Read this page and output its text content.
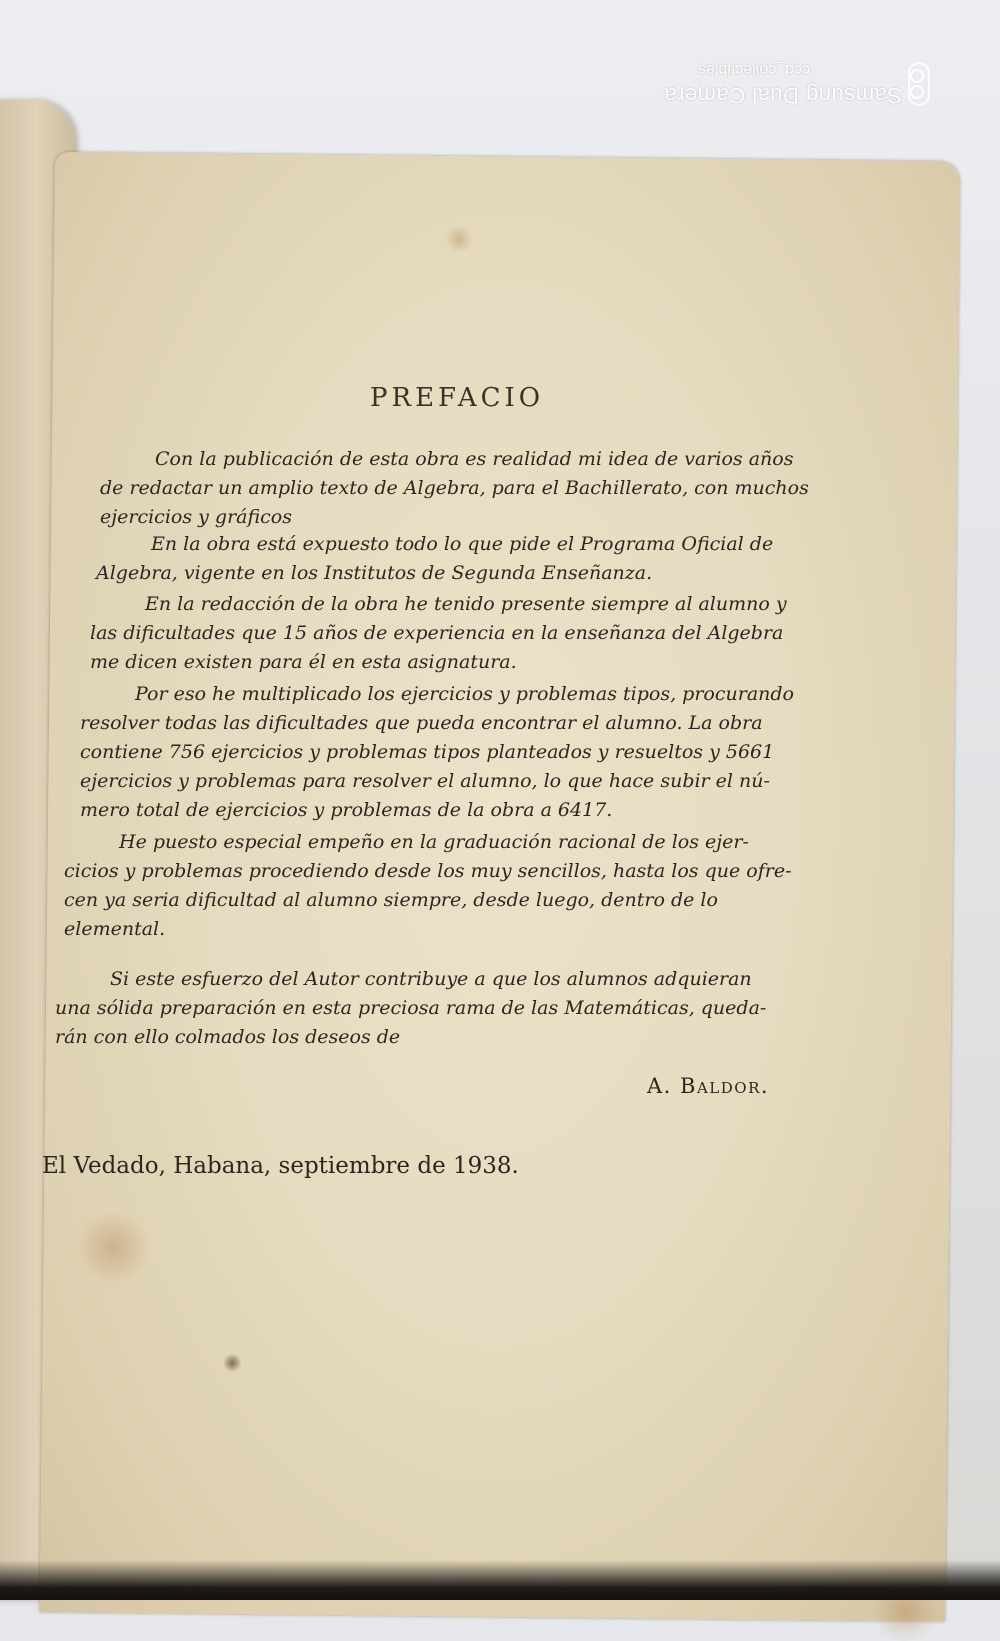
Samsung Dual Camera
ccd_collectibles
PREFACIO
Con la publicación de esta obra es realidad mi idea de varios años
de redactar un amplio texto de Algebra, para el Bachillerato, con muchos
ejercicios y gráficos
En la obra está expuesto todo lo que pide el Programa Oficial de
Algebra, vigente en los Institutos de Segunda Enseñanza.
En la redacción de la obra he tenido presente siempre al alumno y
las dificultades que 15 años de experiencia en la enseñanza del Algebra
me dicen existen para él en esta asignatura.
Por eso he multiplicado los ejercicios y problemas tipos, procurando
resolver todas las dificultades que pueda encontrar el alumno. La obra
contiene 756 ejercicios y problemas tipos planteados y resueltos y 5661
ejercicios y problemas para resolver el alumno, lo que hace subir el nú-
mero total de ejercicios y problemas de la obra a 6417.
He puesto especial empeño en la graduación racional de los ejer-
cicios y problemas procediendo desde los muy sencillos, hasta los que ofre-
cen ya seria dificultad al alumno siempre, desde luego, dentro de lo
elemental.
Si este esfuerzo del Autor contribuye a que los alumnos adquieran
una sólida preparación en esta preciosa rama de las Matemáticas, queda-
rán con ello colmados los deseos de
A. Baldor.
El Vedado, Habana, septiembre de 1938.
